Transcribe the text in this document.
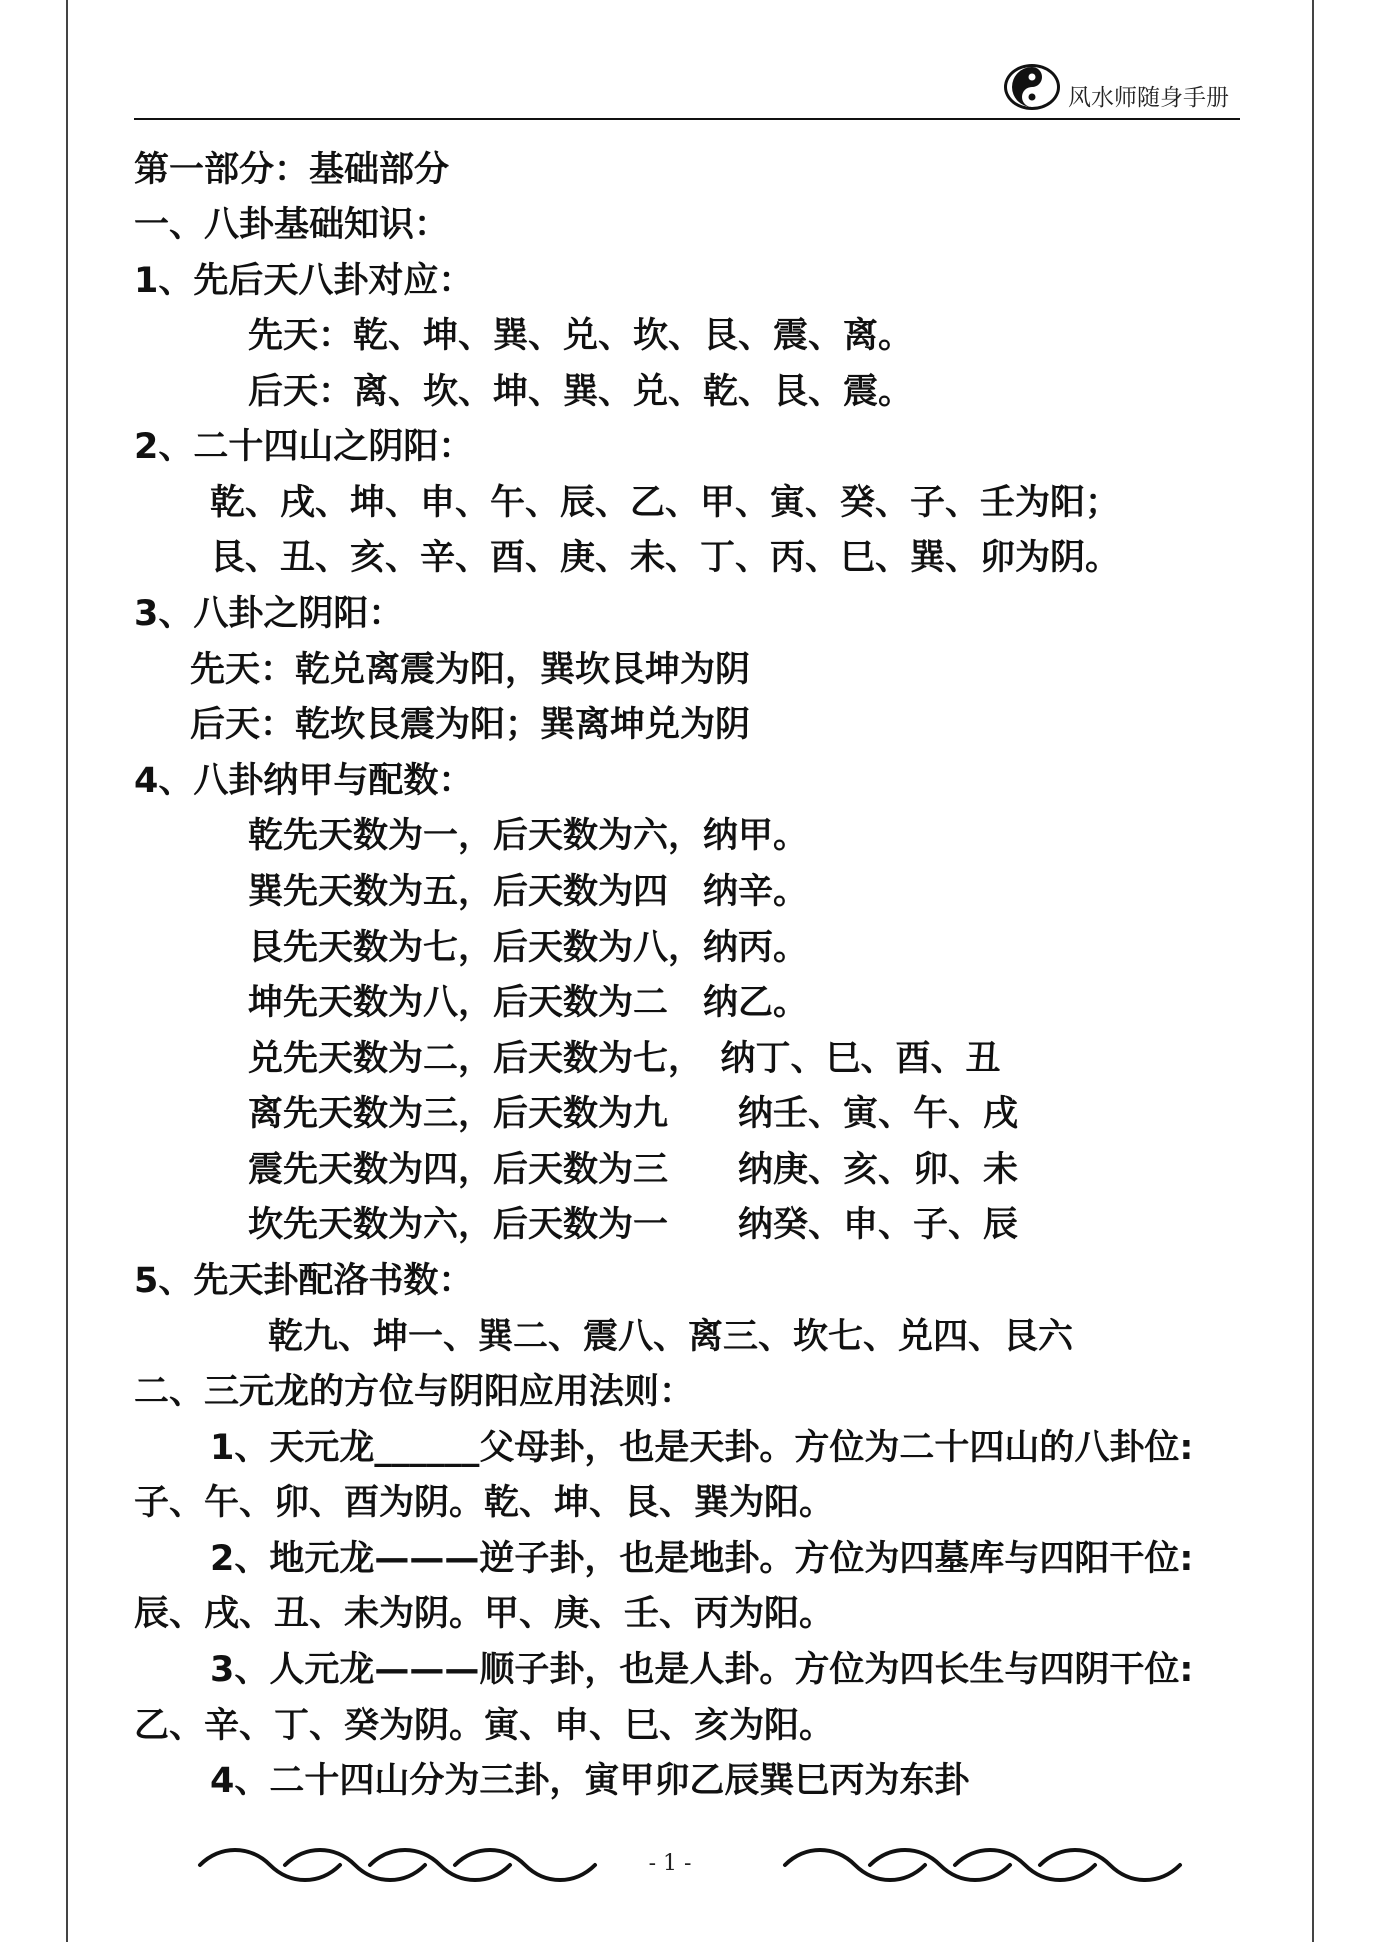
风水师随身手册
第一部分：基础部分
一、八卦基础知识：
1、先后天八卦对应：
先天：乾、坤、巽、兑、坎、艮、震、离。
后天：离、坎、坤、巽、兑、乾、艮、震。
2、二十四山之阴阳：
乾、戌、坤、申、午、辰、乙、甲、寅、癸、子、壬为阳；
艮、丑、亥、辛、酉、庚、未、丁、丙、巳、巽、卯为阴。
3、八卦之阴阳：
先天：乾兑离震为阳，巽坎艮坤为阴
后天：乾坎艮震为阳；巽离坤兑为阴
4、八卦纳甲与配数：
乾先天数为一，后天数为六，纳甲。
巽先天数为五，后天数为四　纳辛。
艮先天数为七，后天数为八，纳丙。
坤先天数为八，后天数为二　纳乙。
兑先天数为二，后天数为七，　纳丁、巳、酉、丑
离先天数为三，后天数为九　　纳壬、寅、午、戌
震先天数为四，后天数为三　　纳庚、亥、卯、未
坎先天数为六，后天数为一　　纳癸、申、子、辰
5、先天卦配洛书数：
乾九、坤一、巽二、震八、离三、坎七、兑四、艮六
二、三元龙的方位与阴阳应用法则：
1、天元龙______父母卦，也是天卦。方位为二十四山的八卦位:
子、午、卯、酉为阴。乾、坤、艮、巽为阳。
2、地元龙———逆子卦，也是地卦。方位为四墓库与四阳干位:
辰、戌、丑、未为阴。甲、庚、壬、丙为阳。
3、人元龙———顺子卦，也是人卦。方位为四长生与四阴干位:
乙、辛、丁、癸为阴。寅、申、巳、亥为阳。
4、二十四山分为三卦，寅甲卯乙辰巽巳丙为东卦
- 1 -
